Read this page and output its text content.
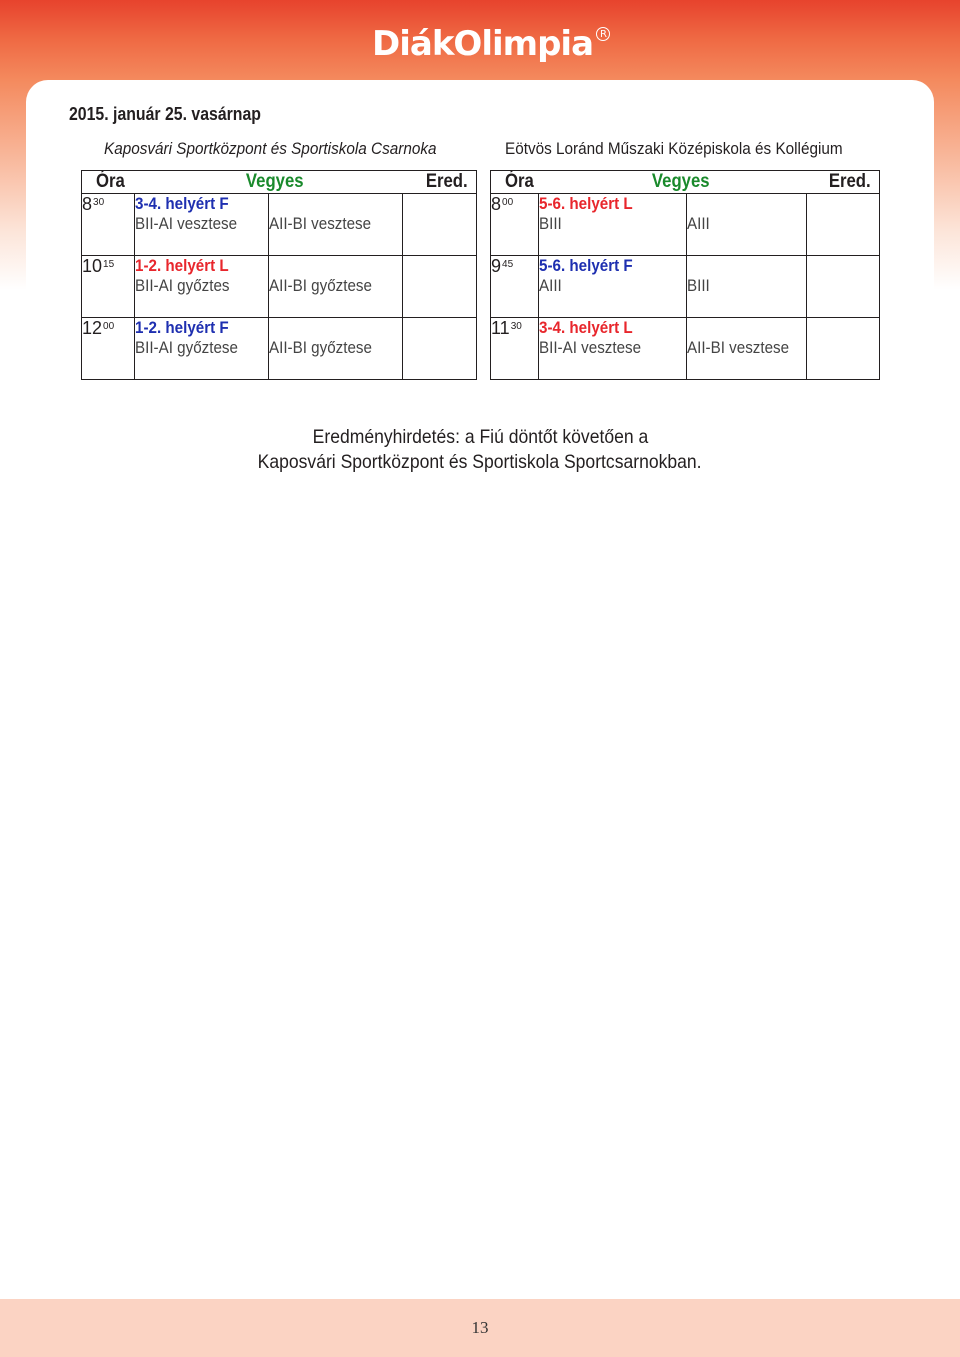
DiákOlimpia R
2015. január 25. vasárnap
Kaposvári Sportközpont és Sportiskola Csarnoka	Eötvös Loránd Műszaki Középiskola és Kollégium
Óra Vegyes Ered.			

$8^{30}$	3-4. helyért F
BII-AI vesztese	AII-BI vesztese	

$10^{15}$	1-2. helyért L
BII-AI győztes	AII-BI győztese	

$12^{00}$	1-2. helyért F
BII-AI győztese	AII-BI győztese	

Óra Vegyes Ered.			

$8^{00}$	5-6. helyért L
BIII	AIII	

$9^{45}$	5-6. helyért F
AIII	BIII	

$11^{30}$	3-4. helyért L
BII-AI vesztese	AII-BI vesztese	

Eredményhirdetés: a Fiú döntőt követően a
Kaposvári Sportközpont és Sportiskola Sportcsarnokban.
13
